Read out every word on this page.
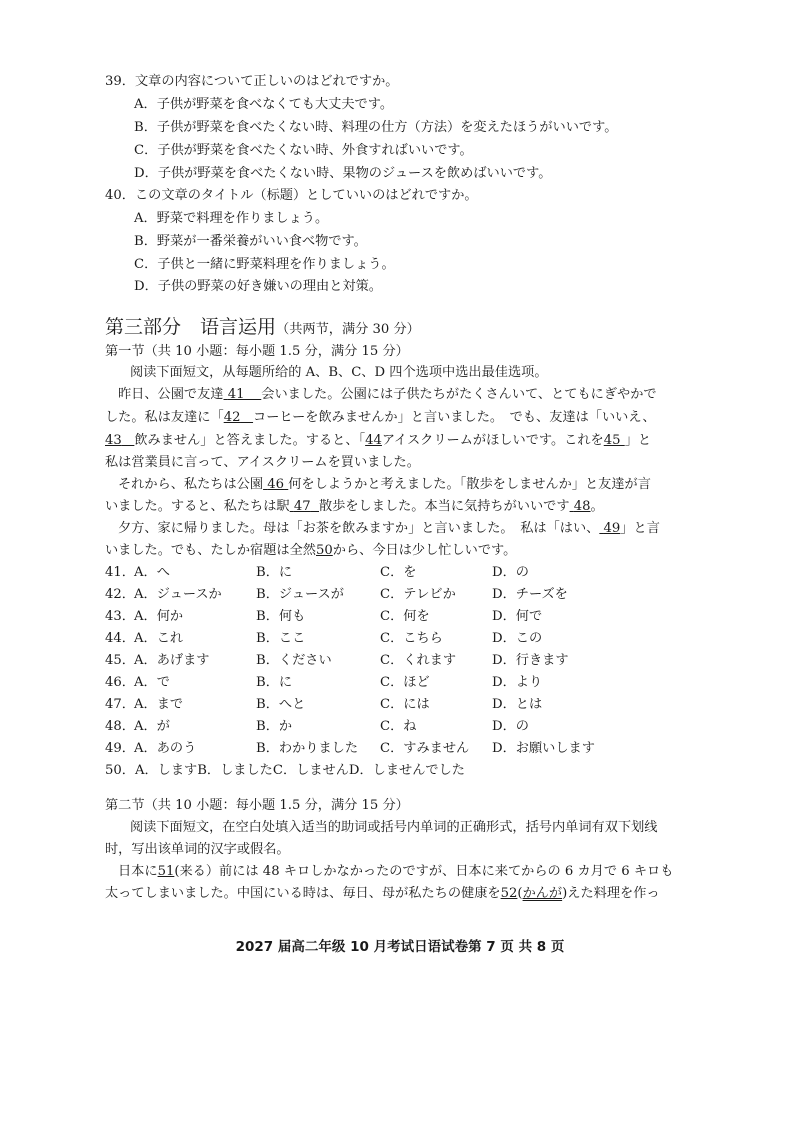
39．文章の内容について正しいのはどれですか。
A．子供が野菜を食べなくても大丈夫です。
B．子供が野菜を食べたくない時、料理の仕方（方法）を変えたほうがいいです。
C．子供が野菜を食べたくない時、外食すればいいです。
D．子供が野菜を食べたくない時、果物のジュースを飲めばいいです。
40．この文章のタイトル（标题）としていいのはどれですか。
A．野菜で料理を作りましょう。
B．野菜が一番栄養がいい食べ物です。
C．子供と一緒に野菜料理を作りましょう。
D．子供の野菜の好き嫌いの理由と対策。
第三部分　语言运用（共两节，满分 30 分）
第一节（共 10 小题：每小题 1.5 分，满分 15 分）
阅读下面短文，从每题所给的 A、B、C、D 四个选项中选出最佳选项。
昨日、公園で友達 41 会いました。公園には子供たちがたくさんいて、とてもにぎやかで
した。私は友達に「42 コーヒーを飲みませんか」と言いました。　でも、友達は「いいえ、
43 飲みません」と答えました。すると、「44アイスクリームがほしいです。これを45 」と
私は営業員に言って、アイスクリームを買いました。
それから、私たちは公園 46 何をしようかと考えました。「散歩をしませんか」と友達が言
いました。すると、私たちは駅 47 散歩をしました。本当に気持ちがいいです 48。
夕方、家に帰りました。母は「お茶を飲みますか」と言いました。　私は「はい、 49」と言
いました。でも、たしか宿題は全然50から、今日は少し忙しいです。
41． A．へ	B．に	C．を	D．の
42． A．ジュースか	B．ジュースが	C．テレビか	D．チーズを
43． A．何か	B．何も	C．何を	D．何で
44． A．これ	B．ここ	C．こちら	D．この
45． A．あげます	B．ください	C．くれます	D．行きます
46． A．で	B．に	C．ほど	D．より
47． A．まで	B．へと	C．には	D．とは
48． A．が	B．か	C．ね	D．の
49． A．あのう	B．わかりました C．すみません D．お願いします
50．A．しますB．しましたC．しませんD．しませんでした
第二节（共 10 小题：每小题 1.5 分，满分 15 分）
阅读下面短文，在空白处填入适当的助词或括号内单词的正确形式，括号内单词有双下划线
时，写出该单词的汉字或假名。
日本に51(来る）前には 48 キロしかなかったのですが、日本に来てからの 6 カ月で 6 キロも
太ってしまいました。中国にいる時は、毎日、母が私たちの健康を52(かんが)えた料理を作っ
2027 届高二年级 10 月考试日语试卷第 7 页 共 8 页
